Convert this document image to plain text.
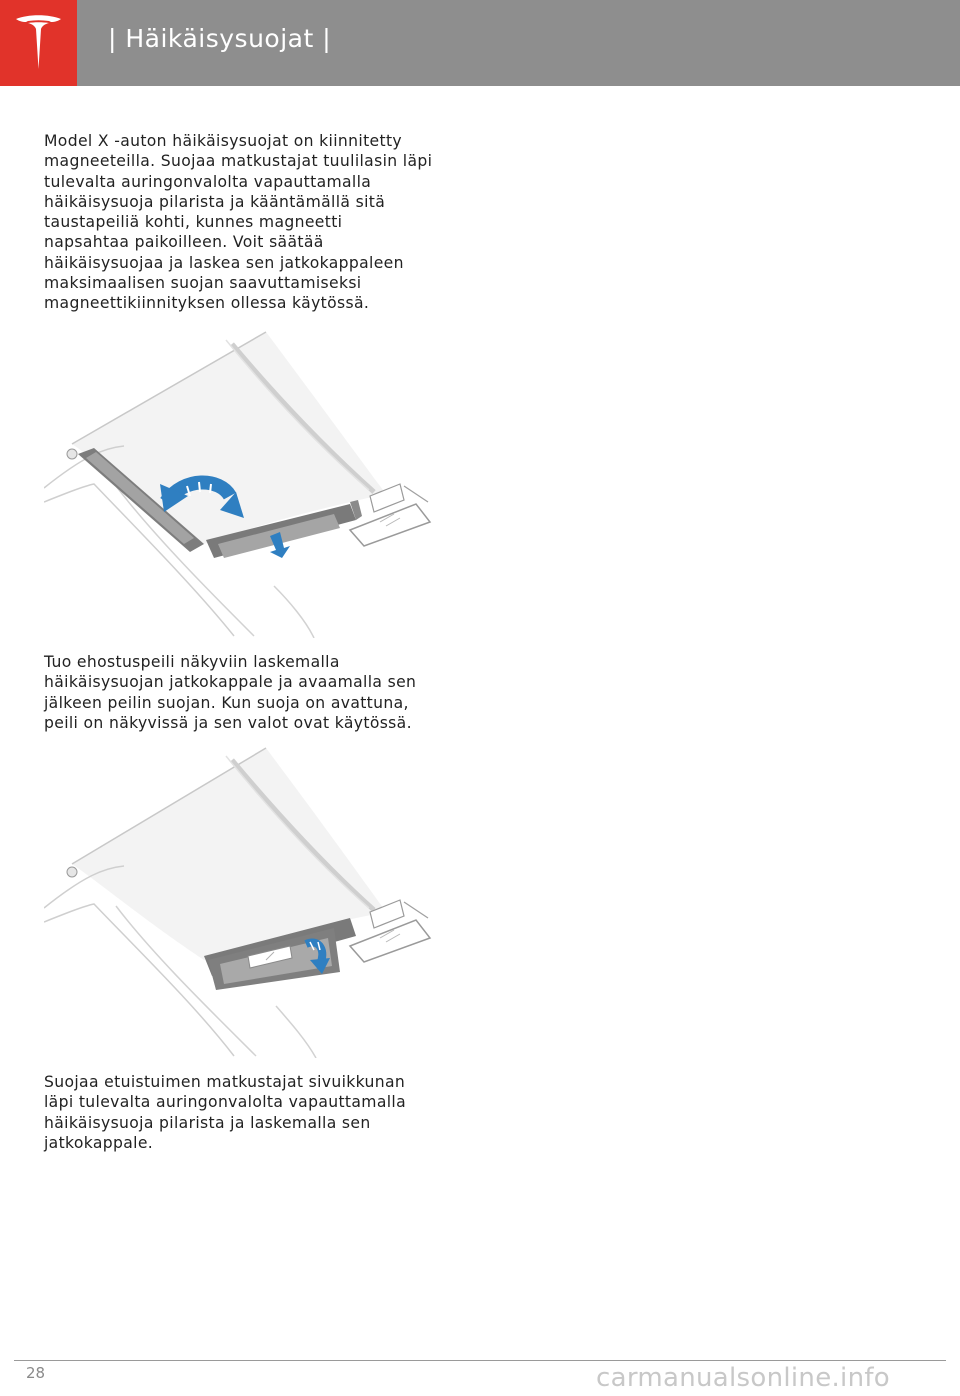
| Häikäisysuojat |
Model X -auton häikäisysuojat on kiinnitetty
magneeteilla. Suojaa matkustajat tuulilasin läpi
tulevalta auringonvalolta vapauttamalla
häikäisysuoja pilarista ja kääntämällä sitä
taustapeiliä kohti, kunnes magneetti
napsahtaa paikoilleen. Voit säätää
häikäisysuojaa ja laskea sen jatkokappaleen
maksimaalisen suojan saavuttamiseksi
magneettikiinnityksen ollessa käytössä.
Tuo ehostuspeili näkyviin laskemalla
häikäisysuojan jatkokappale ja avaamalla sen
jälkeen peilin suojan. Kun suoja on avattuna,
peili on näkyvissä ja sen valot ovat käytössä.
Suojaa etuistuimen matkustajat sivuikkunan
läpi tulevalta auringonvalolta vapauttamalla
häikäisysuoja pilarista ja laskemalla sen
jatkokappale.
28	carmanualsonline.info
